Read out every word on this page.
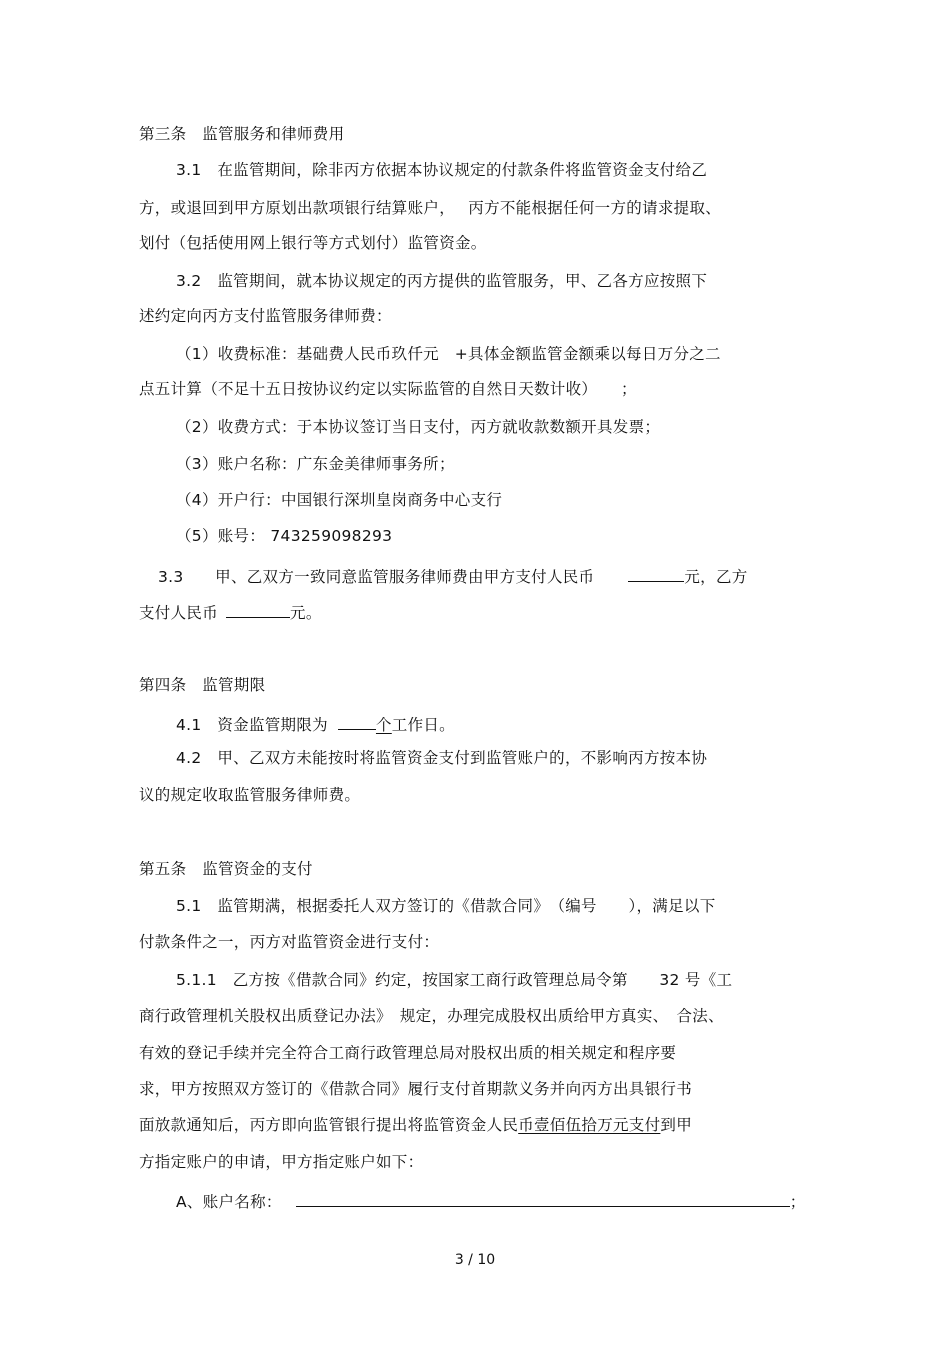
第三条　监管服务和律师费用
3.1　在监管期间，除非丙方依据本协议规定的付款条件将监管资金支付给乙
方，或退回到甲方原划出款项银行结算账户，　 丙方不能根据任何一方的请求提取、
划付（包括使用网上银行等方式划付）监管资金。
3.2　监管期间，就本协议规定的丙方提供的监管服务，甲、乙各方应按照下
述约定向丙方支付监管服务律师费：
（1）收费标准：基础费人民币玖仟元　+具体金额监管金额乘以每日万分之二
点五计算（不足十五日按协议约定以实际监管的自然日天数计收）　　；
（2）收费方式：于本协议签订当日支付，丙方就收款数额开具发票；
（3）账户名称：广东金美律师事务所；
（4）开户行：中国银行深圳皇岗商务中心支行
（5）账号： 743259098293
3.3　　甲、乙双方一致同意监管服务律师费由甲方支付人民币	元，乙方
支付人民币	元。
第四条　监管期限
4.1　资金监管期限为	个工作日。
4.2　甲、乙双方未能按时将监管资金支付到监管账户的，不影响丙方按本协
议的规定收取监管服务律师费。
第五条　监管资金的支付
5.1　监管期满，根据委托人双方签订的《借款合同》　（编号　　），满足以下
付款条件之一，丙方对监管资金进行支付：
5.1.1　乙方按《借款合同》约定，按国家工商行政管理总局令第　　32 号《工
商行政管理机关股权出质登记办法》　规定，办理完成股权出质给甲方真实、　合法、
有效的登记手续并完全符合工商行政管理总局对股权出质的相关规定和程序要
求，甲方按照双方签订的《借款合同》履行支付首期款义务并向丙方出具银行书
面放款通知后，丙方即向监管银行提出将监管资金人民币壹佰伍拾万元支付到甲
方指定账户的申请，甲方指定账户如下：
A、账户名称：	；
3 / 10
